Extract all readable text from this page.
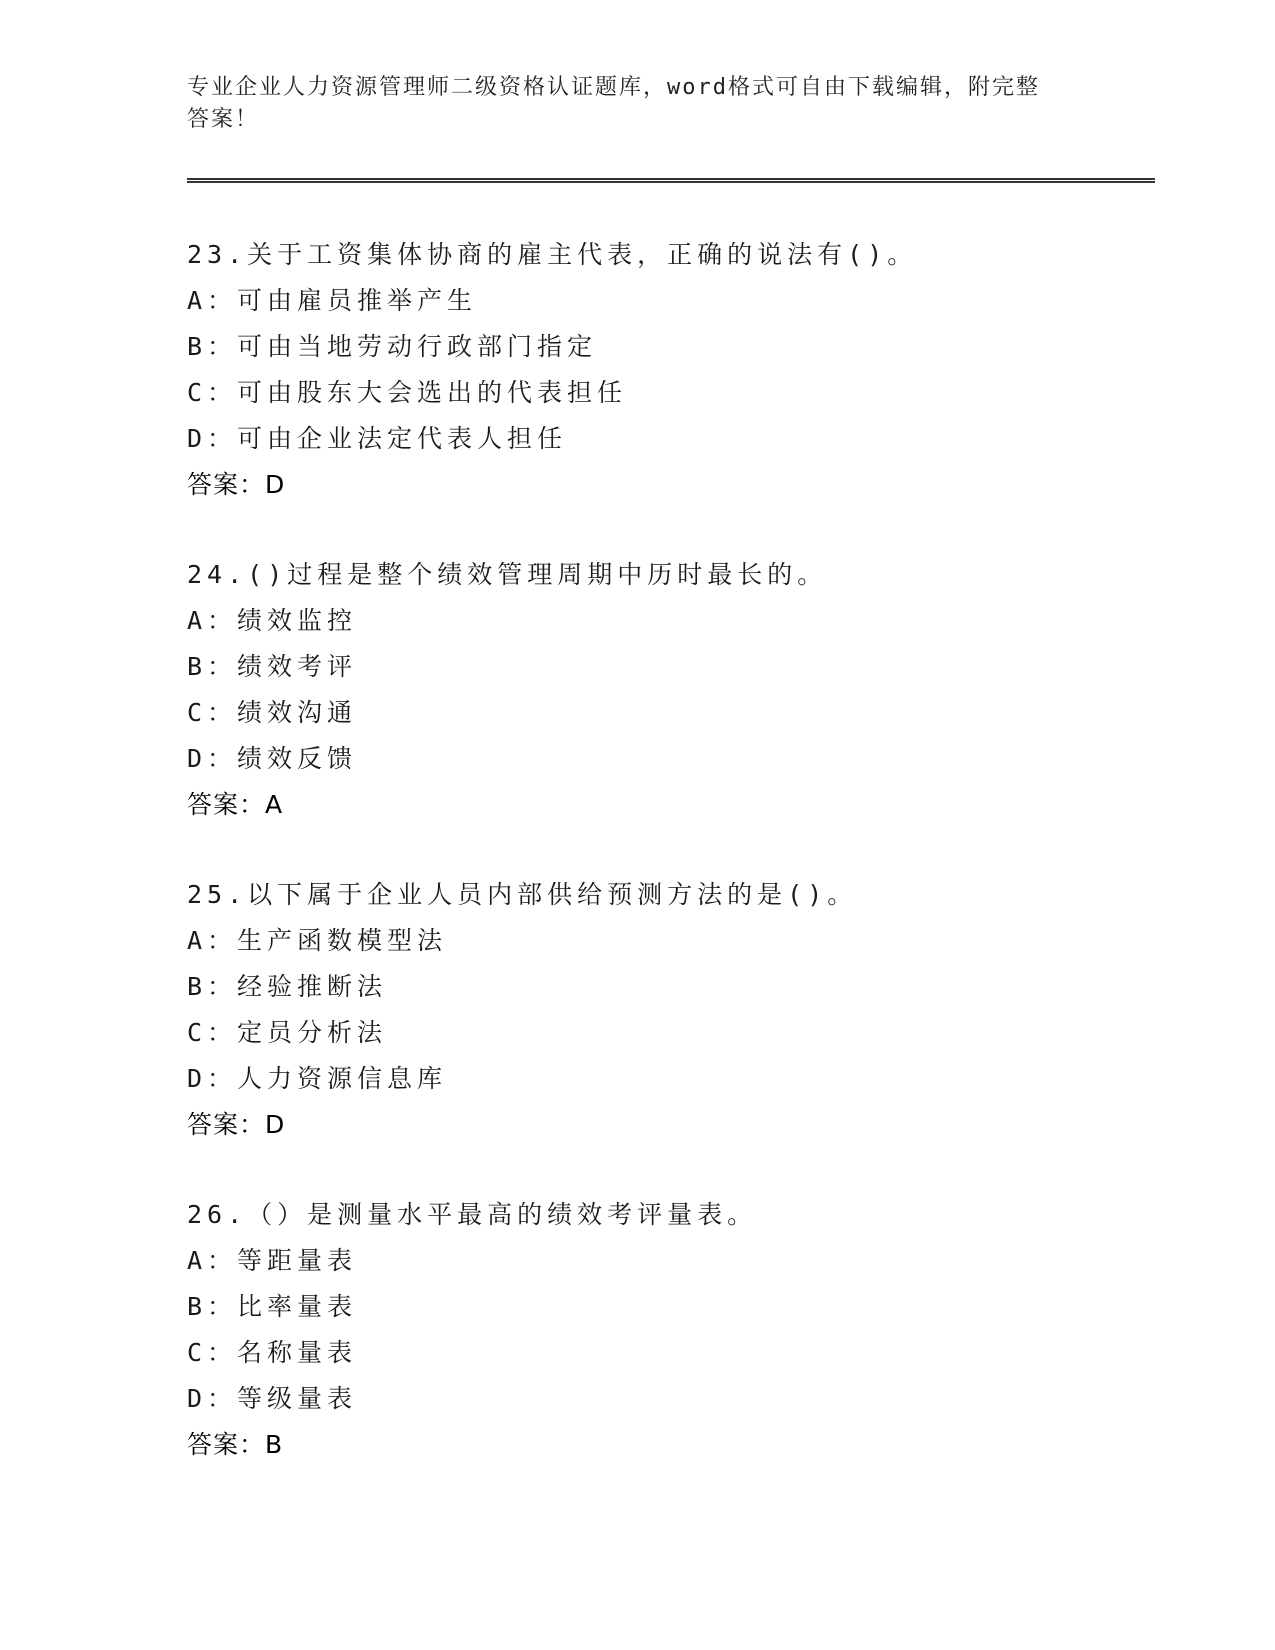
专业企业人力资源管理师二级资格认证题库，word格式可自由下载编辑，附完整
答案！
23.关于工资集体协商的雇主代表，正确的说法有()。
A：可由雇员推举产生
B：可由当地劳动行政部门指定
C：可由股东大会选出的代表担任
D：可由企业法定代表人担任
答案：D
24.()过程是整个绩效管理周期中历时最长的。
A：绩效监控
B：绩效考评
C：绩效沟通
D：绩效反馈
答案：A
25.以下属于企业人员内部供给预测方法的是()。
A：生产函数模型法
B：经验推断法
C：定员分析法
D：人力资源信息库
答案：D
26.（）是测量水平最高的绩效考评量表。
A：等距量表
B：比率量表
C：名称量表
D：等级量表
答案：B
